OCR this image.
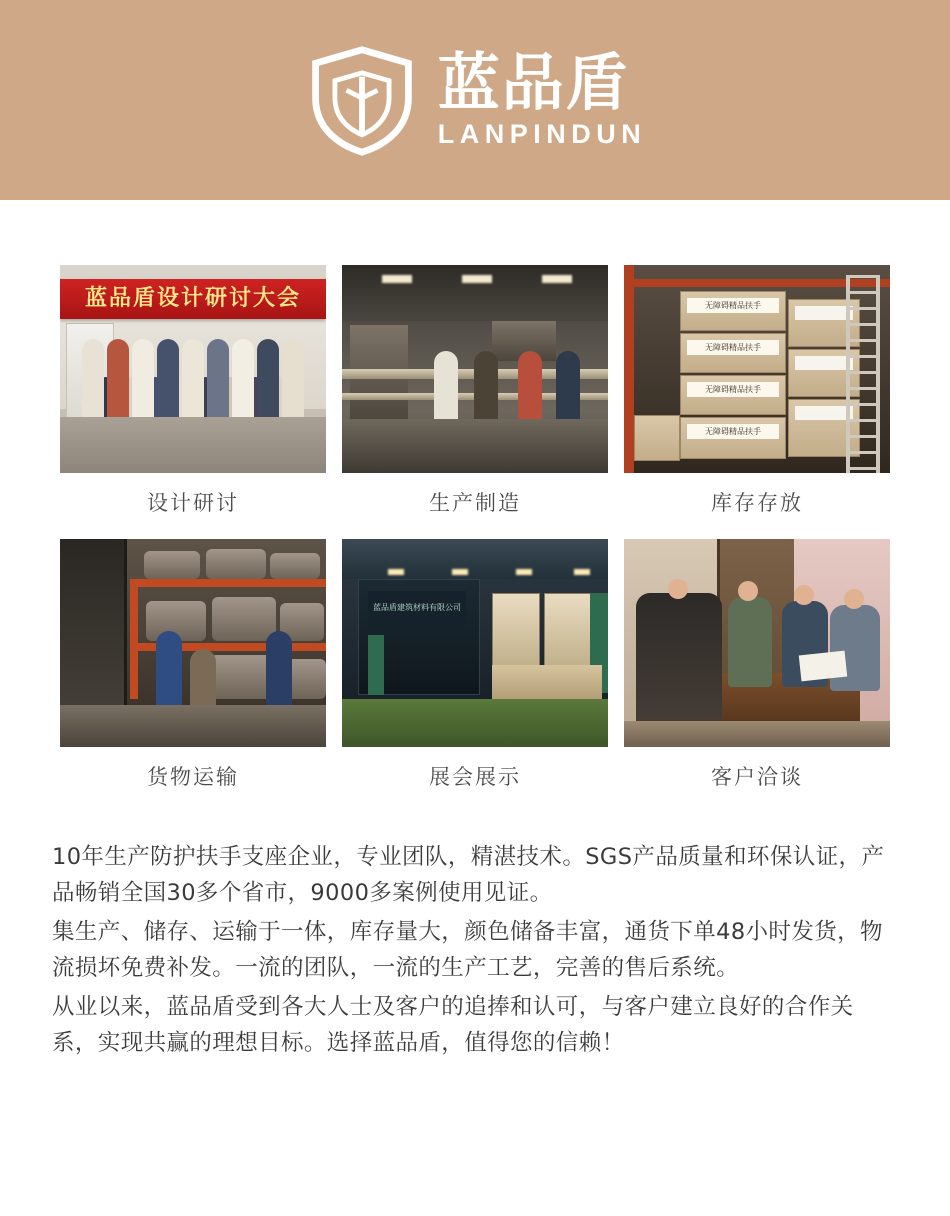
蓝品盾
LANPINDUN
蓝品盾设计研讨大会
设计研讨	生产制造
无障碍精品扶手
无障碍精品扶手
无障碍精品扶手
无障碍精品扶手
库存存放
货物运输
蓝品盾建筑材料有限公司
展会展示	客户洽谈

10年生产防护扶手支座企业，专业团队，精湛技术。SGS产品质量和环保认证，产品畅销全国30多个省市，9000多案例使用见证。

集生产、储存、运输于一体，库存量大，颜色储备丰富，通货下单48小时发货，物流损坏免费补发。一流的团队，一流的生产工艺，完善的售后系统。

从业以来，蓝品盾受到各大人士及客户的追捧和认可，与客户建立良好的合作关系，实现共赢的理想目标。选择蓝品盾，值得您的信赖！
